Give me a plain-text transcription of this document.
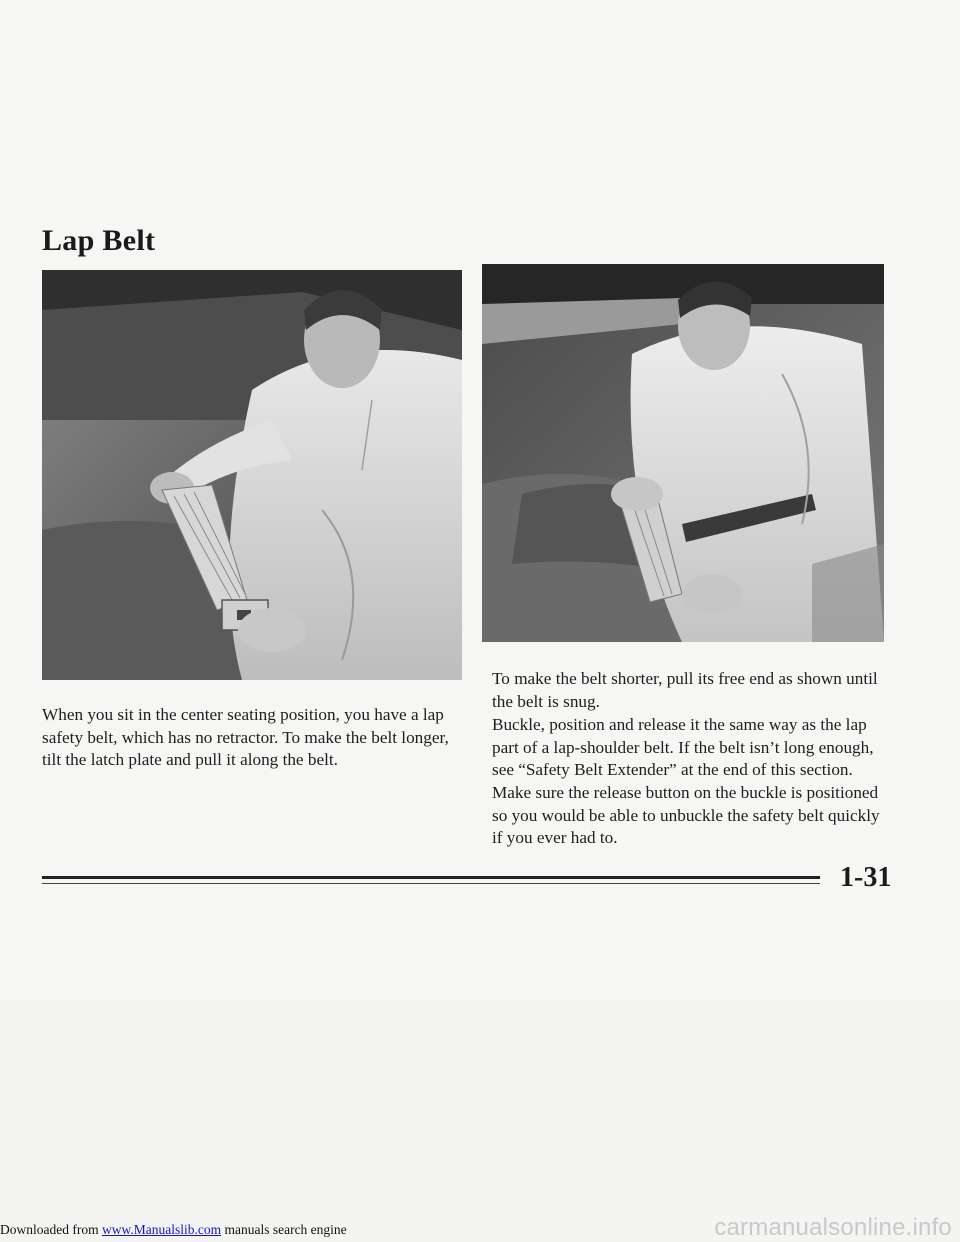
Lap Belt

When you sit in the center seating position, you have a lap safety belt, which has no retractor. To make the belt longer, tilt the latch plate and pull it along the belt.

To make the belt shorter, pull its free end as shown until the belt is snug.

Buckle, position and release it the same way as the lap part of a lap-shoulder belt. If the belt isn’t long enough, see “Safety Belt Extender” at the end of this section.

Make sure the release button on the buckle is positioned so you would be able to unbuckle the safety belt quickly if you ever had to.

1-31

Downloaded from www.Manualslib.com manuals search engine	carmanualsonline.info
